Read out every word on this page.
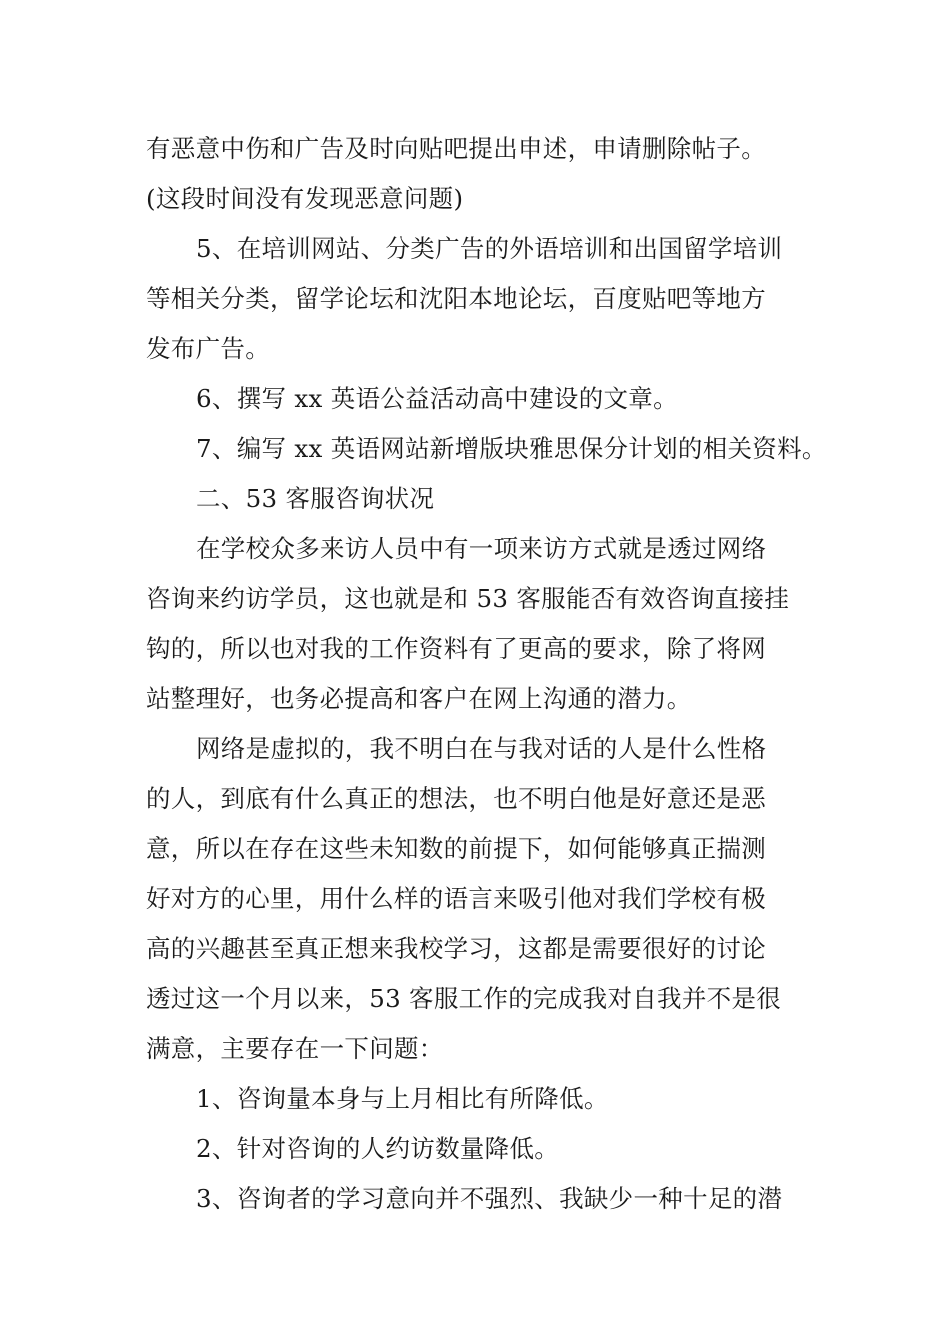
有恶意中伤和广告及时向贴吧提出申述，申请删除帖子。
(这段时间没有发现恶意问题)
5、在培训网站、分类广告的外语培训和出国留学培训
等相关分类，留学论坛和沈阳本地论坛，百度贴吧等地方
发布广告。
6、撰写 xx 英语公益活动高中建设的文章。
7、编写 xx 英语网站新增版块雅思保分计划的相关资料。
二、53 客服咨询状况
在学校众多来访人员中有一项来访方式就是透过网络
咨询来约访学员，这也就是和 53 客服能否有效咨询直接挂
钩的，所以也对我的工作资料有了更高的要求，除了将网
站整理好，也务必提高和客户在网上沟通的潜力。
网络是虚拟的，我不明白在与我对话的人是什么性格
的人，到底有什么真正的想法，也不明白他是好意还是恶
意，所以在存在这些未知数的前提下，如何能够真正揣测
好对方的心里，用什么样的语言来吸引他对我们学校有极
高的兴趣甚至真正想来我校学习，这都是需要很好的讨论
透过这一个月以来，53 客服工作的完成我对自我并不是很
满意，主要存在一下问题：
1、咨询量本身与上月相比有所降低。
2、针对咨询的人约访数量降低。
3、咨询者的学习意向并不强烈、我缺少一种十足的潜
